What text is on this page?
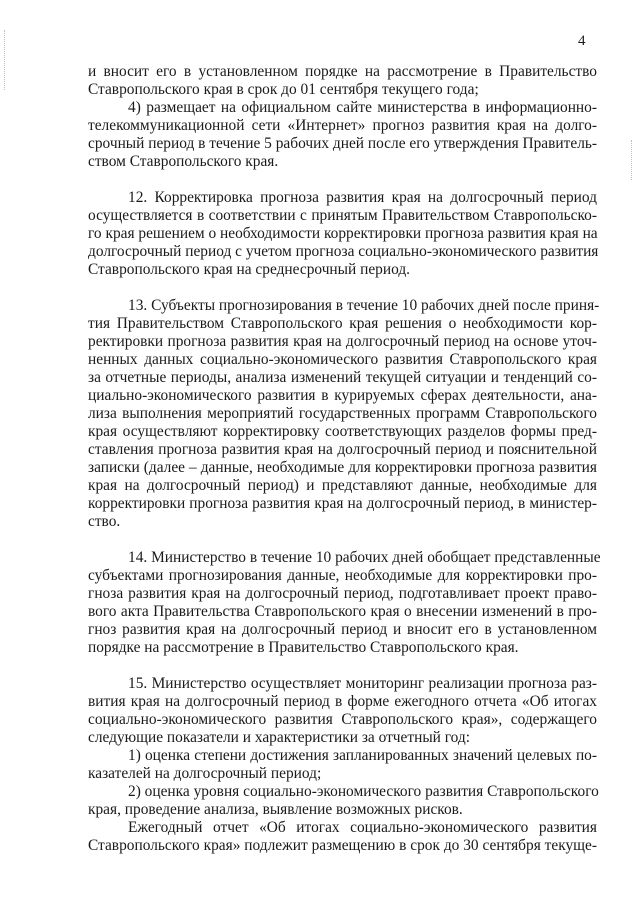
4
и вносит его в установленном порядке на рассмотрение в Правительство
Ставропольского края в срок до 01 сентября текущего года;
4) размещает на официальном сайте министерства в информационно-
телекоммуникационной сети «Интернет» прогноз развития края на долго-
срочный период в течение 5 рабочих дней после его утверждения Правитель-
ством Ставропольского края.
12. Корректировка прогноза развития края на долгосрочный период
осуществляется в соответствии с принятым Правительством Ставропольско-
го края решением о необходимости корректировки прогноза развития края на
долгосрочный период с учетом прогноза социально-экономического развития
Ставропольского края на среднесрочный период.
13. Субъекты прогнозирования в течение 10 рабочих дней после приня-
тия Правительством Ставропольского края решения о необходимости кор-
ректировки прогноза развития края на долгосрочный период на основе уточ-
ненных данных социально-экономического развития Ставропольского края
за отчетные периоды, анализа изменений текущей ситуации и тенденций со-
циально-экономического развития в курируемых сферах деятельности, ана-
лиза выполнения мероприятий государственных программ Ставропольского
края осуществляют корректировку соответствующих разделов формы пред-
ставления прогноза развития края на долгосрочный период и пояснительной
записки (далее – данные, необходимые для корректировки прогноза развития
края на долгосрочный период) и представляют данные, необходимые для
корректировки прогноза развития края на долгосрочный период, в министер-
ство.
14. Министерство в течение 10 рабочих дней обобщает представленные
субъектами прогнозирования данные, необходимые для корректировки про-
гноза развития края на долгосрочный период, подготавливает проект право-
вого акта Правительства Ставропольского края о внесении изменений в про-
гноз развития края на долгосрочный период и вносит его в установленном
порядке на рассмотрение в Правительство Ставропольского края.
15. Министерство осуществляет мониторинг реализации прогноза раз-
вития края на долгосрочный период в форме ежегодного отчета «Об итогах
социально-экономического развития Ставропольского края», содержащего
следующие показатели и характеристики за отчетный год:
1) оценка степени достижения запланированных значений целевых по-
казателей на долгосрочный период;
2) оценка уровня социально-экономического развития Ставропольского
края, проведение анализа, выявление возможных рисков.
Ежегодный отчет «Об итогах социально-экономического развития
Ставропольского края» подлежит размещению в срок до 30 сентября текуще-
